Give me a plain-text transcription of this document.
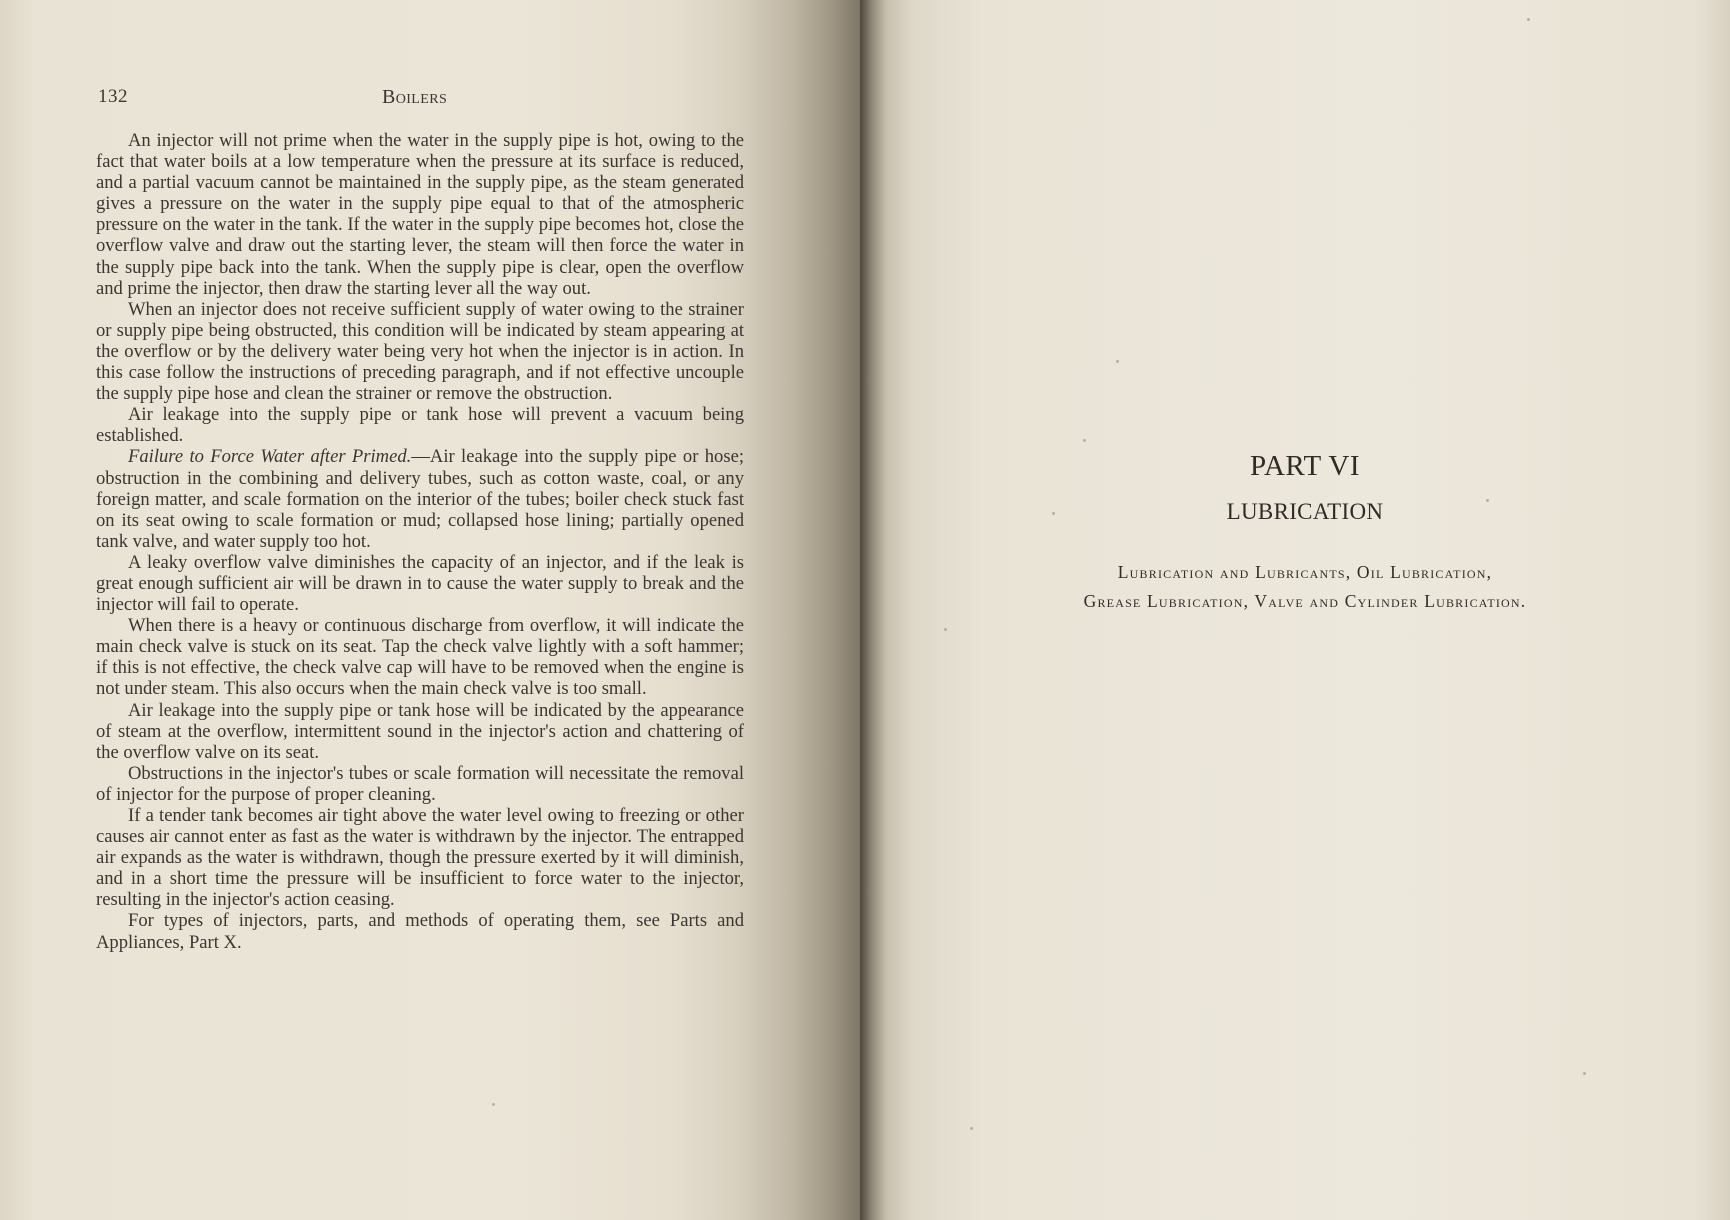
132	Boilers

An injector will not prime when the water in the supply pipe is hot, owing to the fact that water boils at a low temperature when the pressure at its surface is reduced, and a partial vacuum cannot be maintained in the supply pipe, as the steam generated gives a pressure on the water in the supply pipe equal to that of the atmospheric pressure on the water in the tank. If the water in the supply pipe becomes hot, close the overflow valve and draw out the starting lever, the steam will then force the water in the supply pipe back into the tank. When the supply pipe is clear, open the overflow and prime the injector, then draw the starting lever all the way out.

When an injector does not receive sufficient supply of water owing to the strainer or supply pipe being obstructed, this condition will be indicated by steam appearing at the overflow or by the delivery water being very hot when the injector is in action. In this case follow the instructions of preceding paragraph, and if not effective uncouple the supply pipe hose and clean the strainer or remove the obstruction.

Air leakage into the supply pipe or tank hose will prevent a vacuum being established.

Failure to Force Water after Primed.—Air leakage into the supply pipe or hose; obstruction in the combining and delivery tubes, such as cotton waste, coal, or any foreign matter, and scale formation on the interior of the tubes; boiler check stuck fast on its seat owing to scale formation or mud; collapsed hose lining; partially opened tank valve, and water supply too hot.

A leaky overflow valve diminishes the capacity of an injector, and if the leak is great enough sufficient air will be drawn in to cause the water supply to break and the injector will fail to operate.

When there is a heavy or continuous discharge from overflow, it will indicate the main check valve is stuck on its seat. Tap the check valve lightly with a soft hammer; if this is not effective, the check valve cap will have to be removed when the engine is not under steam. This also occurs when the main check valve is too small.

Air leakage into the supply pipe or tank hose will be indicated by the appearance of steam at the overflow, intermittent sound in the injector's action and chattering of the overflow valve on its seat.

Obstructions in the injector's tubes or scale formation will necessitate the removal of injector for the purpose of proper cleaning.

If a tender tank becomes air tight above the water level owing to freezing or other causes air cannot enter as fast as the water is withdrawn by the injector. The entrapped air expands as the water is withdrawn, though the pressure exerted by it will diminish, and in a short time the pressure will be insufficient to force water to the injector, resulting in the injector's action ceasing.

For types of injectors, parts, and methods of operating them, see Parts and Appliances, Part X.

PART VI
LUBRICATION
Lubrication and Lubricants, Oil Lubrication,
Grease Lubrication, Valve and Cylinder Lubrication.
